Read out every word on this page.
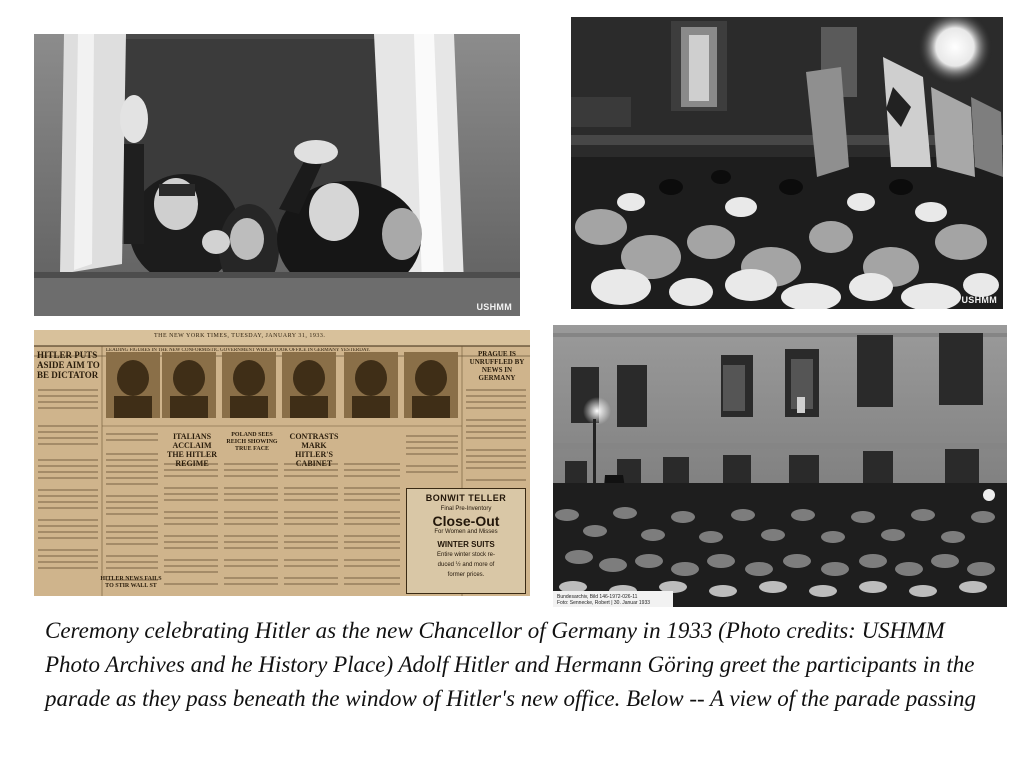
USHMM
USHMM
THE NEW YORK TIMES, TUESDAY, JANUARY 31, 1933.
LEADING FIGURES IN THE NEW CONFORMISTIC GOVERNMENT WHICH TOOK OFFICE IN GERMANY YESTERDAY.
HITLER PUTS ASIDE AIM TO BE DICTATOR
PRAGUE IS UNRUFFLED BY NEWS IN GERMANY
ITALIANS ACCLAIM THE HITLER REGIME
POLAND SEES REICH SHOWING TRUE FACE
CONTRASTS MARK HITLER'S CABINET
HITLER NEWS FAILS TO STIR WALL ST
BONWIT TELLER
Final Pre-Inventory
Close-Out
For Women and Misses
WINTER SUITS
Entire winter stock re-
duced ½ and more of
former prices.
Bundesarchiv, Bild 146-1972-026-11
Foto: Sennecke, Robert | 30. Januar 1933

Ceremony celebrating Hitler as the new Chancellor of Germany in 1933 (Photo credits: USHMM Photo Archives and he History Place) Adolf Hitler and Hermann Göring greet the participants in the parade as they pass beneath the window of Hitler's new office. Below -- A view of the parade passing
